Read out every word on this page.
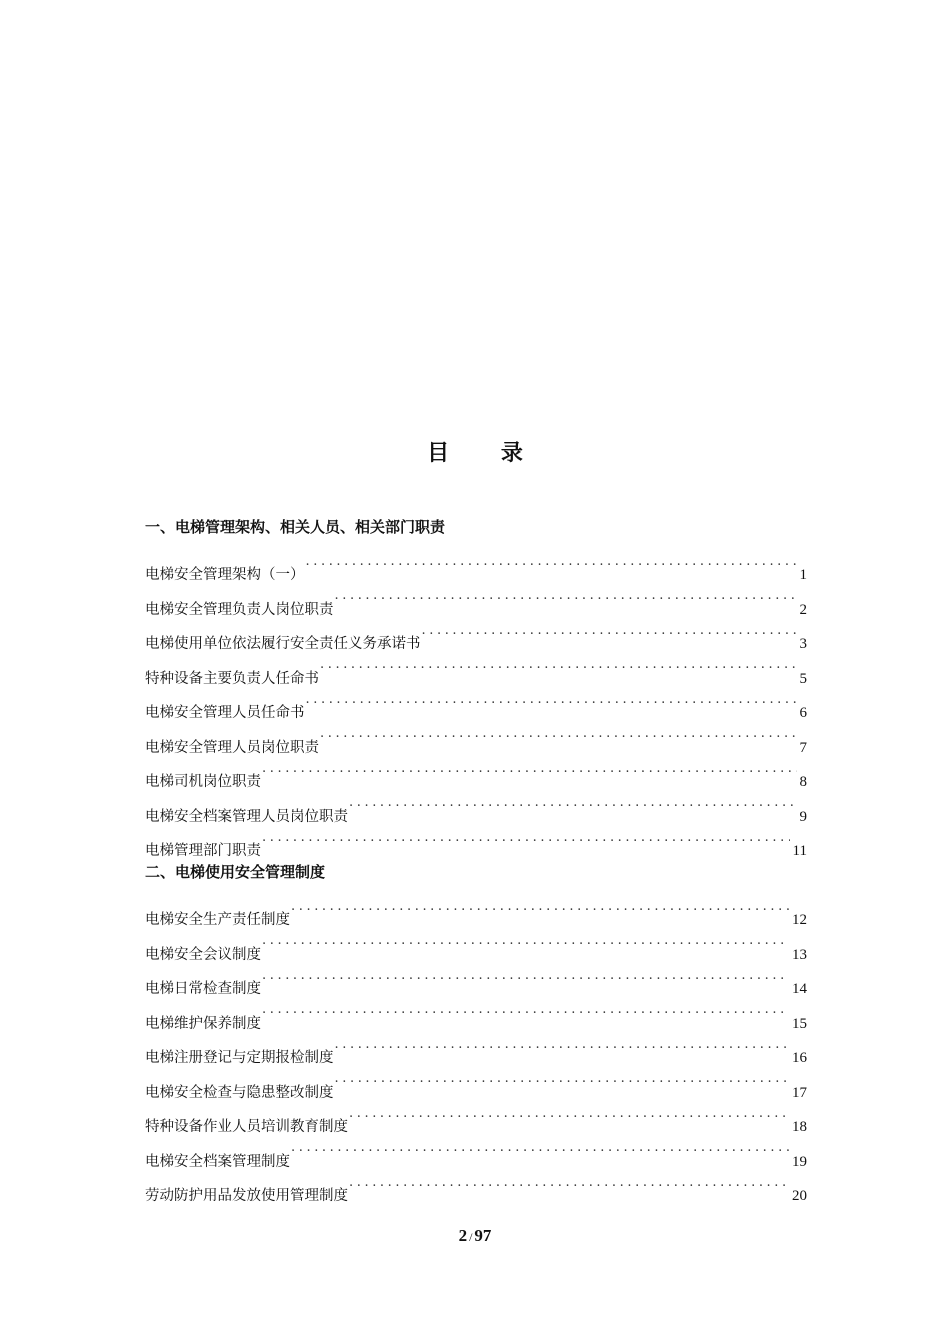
目 录
一、电梯管理架构、相关人员、相关部门职责
电梯安全管理架构（一） .....	1
电梯安全管理负责人岗位职责 .....	2
电梯使用单位依法履行安全责任义务承诺书 .....	3
特种设备主要负责人任命书 .....	5
电梯安全管理人员任命书 .....	6
电梯安全管理人员岗位职责 .....	7
电梯司机岗位职责 .....	8
电梯安全档案管理人员岗位职责 .....	9
电梯管理部门职责 .....	11
二、电梯使用安全管理制度
电梯安全生产责任制度 .....	12
电梯安全会议制度 .....	13
电梯日常检查制度 .....	14
电梯维护保养制度 .....	15
电梯注册登记与定期报检制度 .....	16
电梯安全检查与隐患整改制度 .....	17
特种设备作业人员培训教育制度 .....	18
电梯安全档案管理制度 .....	19
劳动防护用品发放使用管理制度 .....	20
2 / 97
